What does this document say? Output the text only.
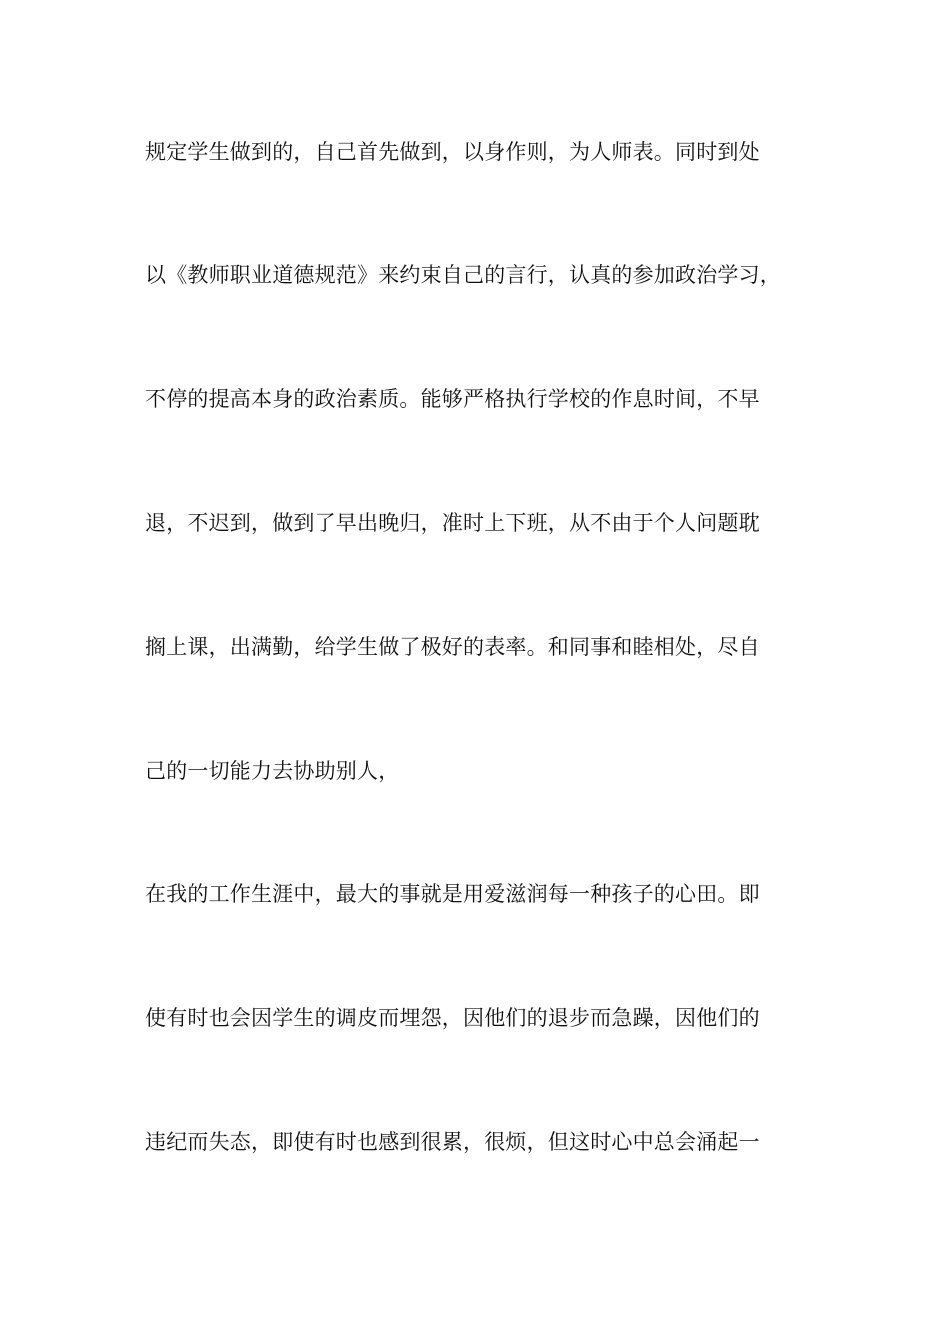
规定学生做到的，自己首先做到，以身作则，为人师表。同时到处

以《教师职业道德规范》来约束自己的言行，认真的参加政治学习，

不停的提高本身的政治素质。能够严格执行学校的作息时间，不早

退，不迟到，做到了早出晚归，准时上下班，从不由于个人问题耽

搁上课，出满勤，给学生做了极好的表率。和同事和睦相处，尽自

己的一切能力去协助别人，

在我的工作生涯中，最大的事就是用爱滋润每一种孩子的心田。即

使有时也会因学生的调皮而埋怨，因他们的退步而急躁，因他们的

违纪而失态，即使有时也感到很累，很烦，但这时心中总会涌起一
